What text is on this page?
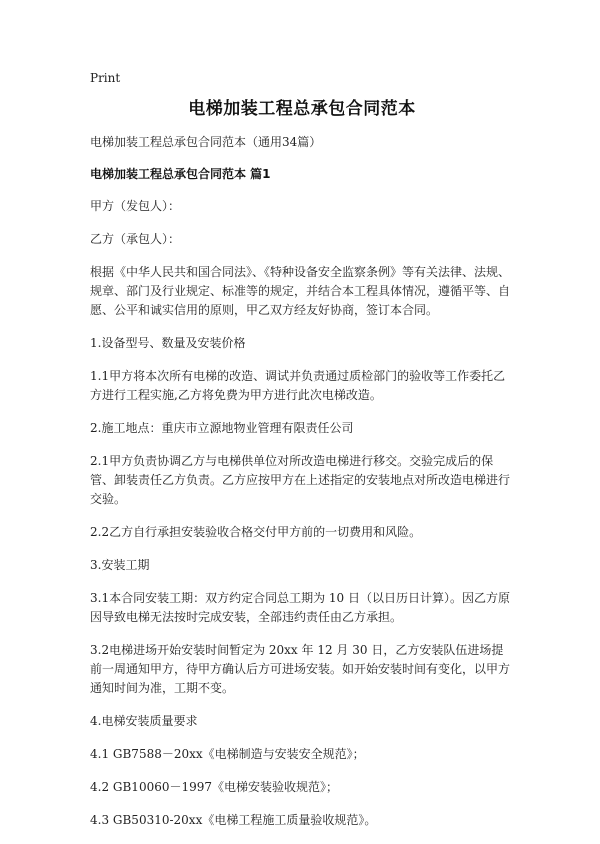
Print
电梯加装工程总承包合同范本

电梯加装工程总承包合同范本（通用34篇）

电梯加装工程总承包合同范本 篇1

甲方（发包人）：

乙方（承包人）：

根据《中华人民共和国合同法》、《特种设备安全监察条例》等有关法律、法规、规章、部门及行业规定、标准等的规定，并结合本工程具体情况，遵循平等、自愿、公平和诚实信用的原则，甲乙双方经友好协商，签订本合同。

1.设备型号、数量及安装价格

1.1甲方将本次所有电梯的改造、调试并负责通过质检部门的验收等工作委托乙方进行工程实施,乙方将免费为甲方进行此次电梯改造。

2.施工地点：重庆市立源地物业管理有限责任公司

2.1甲方负责协调乙方与电梯供单位对所改造电梯进行移交。交验完成后的保管、卸装责任乙方负责。乙方应按甲方在上述指定的安装地点对所改造电梯进行交验。

2.2乙方自行承担安装验收合格交付甲方前的一切费用和风险。

3.安装工期

3.1本合同安装工期：双方约定合同总工期为 10 日（以日历日计算）。因乙方原因导致电梯无法按时完成安装，全部违约责任由乙方承担。

3.2电梯进场开始安装时间暂定为 20xx 年 12 月 30 日，乙方安装队伍进场提前一周通知甲方，待甲方确认后方可进场安装。如开始安装时间有变化，以甲方通知时间为准，工期不变。

4.电梯安装质量要求

4.1 GB7588－20xx《电梯制造与安装安全规范》；

4.2 GB10060－1997《电梯安装验收规范》；

4.3 GB50310-20xx《电梯工程施工质量验收规范》。
